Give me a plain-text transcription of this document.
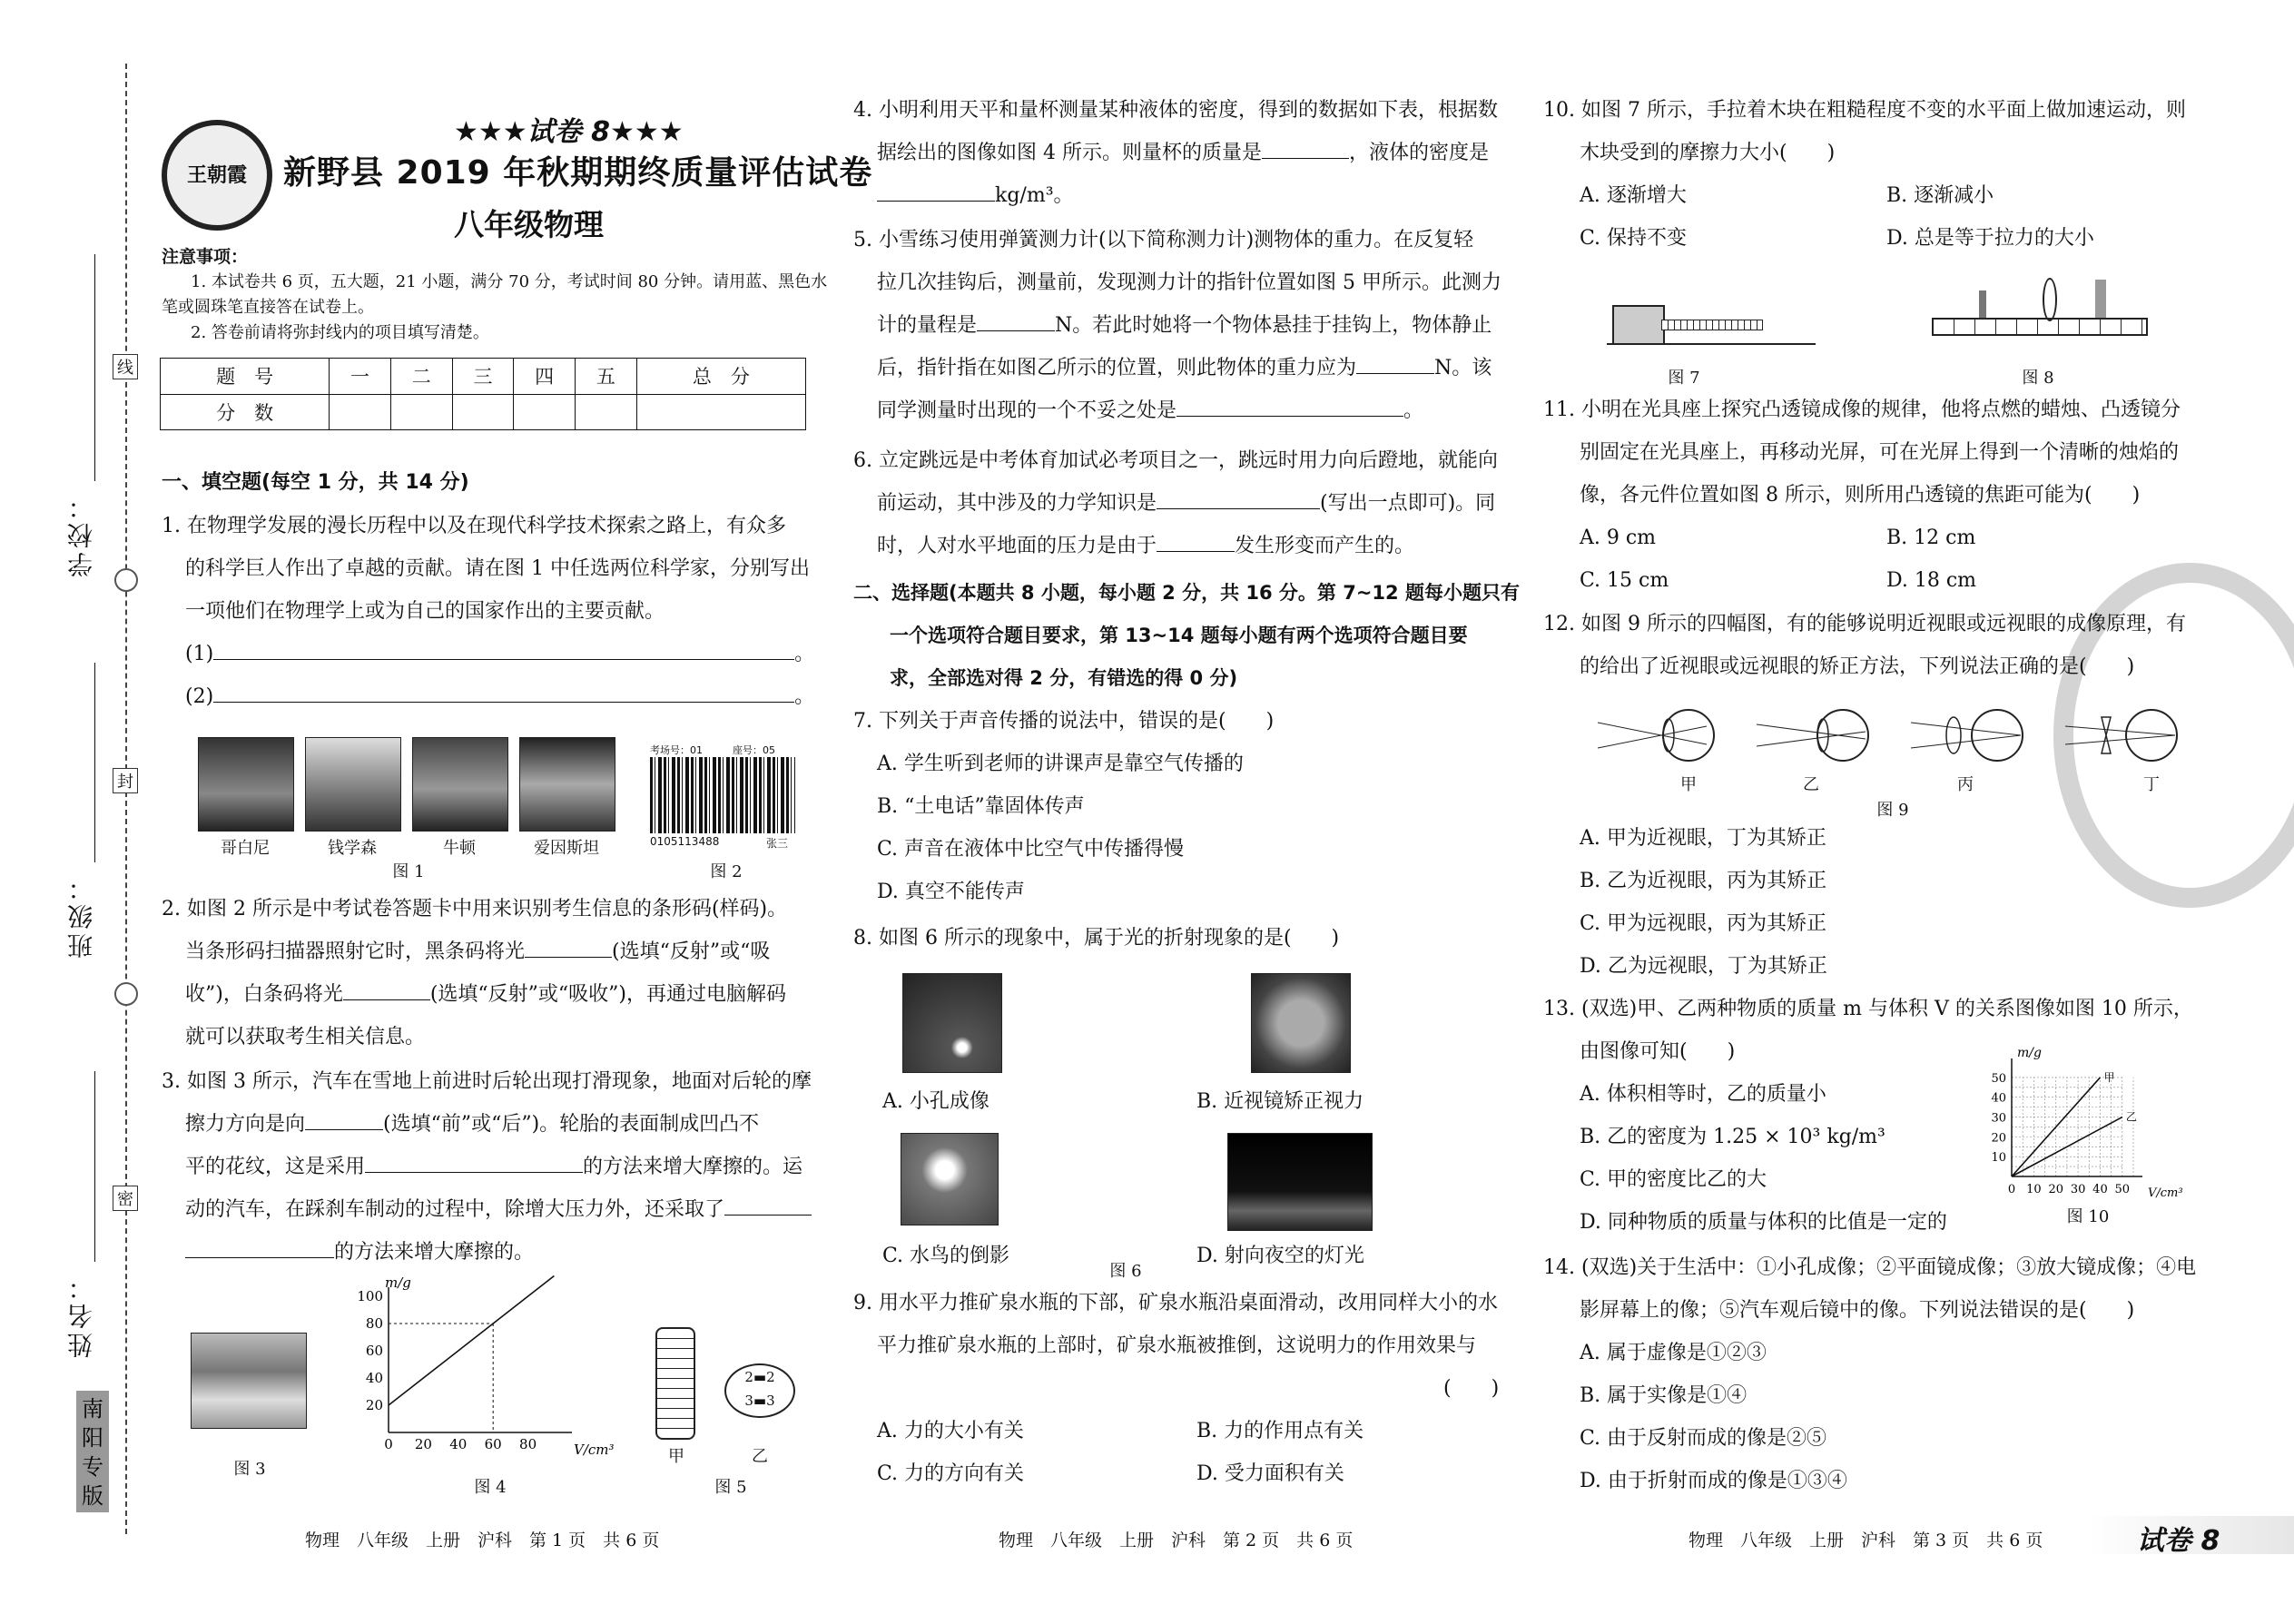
学校：
班级：
姓名：
线
封
密
南阳专版
王朝霞
★★★试卷 8★★★
新野县 2019 年秋期期终质量评估试卷
八年级物理
注意事项：
1. 本试卷共 6 页，五大题，21 小题，满分 70 分，考试时间 80 分钟。请用蓝、黑色水
笔或圆珠笔直接答在试卷上。
2. 答卷前请将弥封线内的项目填写清楚。
题　号	一	二	三	四	五	总　分
分　数						
一、填空题(每空 1 分，共 14 分)
1. 在物理学发展的漫长历程中以及在现代科学技术探索之路上，有众多
的科学巨人作出了卓越的贡献。请在图 1 中任选两位科学家，分别写出
一项他们在物理学上或为自己的国家作出的主要贡献。
(1)	。
(2)	。
哥白尼	钱学森	牛顿	爱因斯坦
图 1
考场号：01　　　座号：05
0105113488	张三
图 2
2. 如图 2 所示是中考试卷答题卡中用来识别考生信息的条形码(样码)。
当条形码扫描器照射它时，黑条码将光	(选填“反射”或“吸
收”)，白条码将光	(选填“反射”或“吸收”)，再通过电脑解码
就可以获取考生相关信息。
3. 如图 3 所示，汽车在雪地上前进时后轮出现打滑现象，地面对后轮的摩
擦力方向是向	(选填“前”或“后”)。轮胎的表面制成凹凸不
平的花纹，这是采用	的方法来增大摩擦的。运
动的汽车，在踩刹车制动的过程中，除增大压力外，还采取了
的方法来增大摩擦的。
图 3
m/g
V/cm³
0 20 40 60 80
20
40
60
80
100
图 4
2▬2
3▬3
甲	乙
图 5
物理　八年级　上册　沪科　第 1 页　共 6 页
4. 小明利用天平和量杯测量某种液体的密度，得到的数据如下表，根据数
据绘出的图像如图 4 所示。则量杯的质量是	，液体的密度是
kg/m³。
5. 小雪练习使用弹簧测力计(以下简称测力计)测物体的重力。在反复轻
拉几次挂钩后，测量前，发现测力计的指针位置如图 5 甲所示。此测力
计的量程是	N。若此时她将一个物体悬挂于挂钩上，物体静止
后，指针指在如图乙所示的位置，则此物体的重力应为	N。该
同学测量时出现的一个不妥之处是	。
6. 立定跳远是中考体育加试必考项目之一，跳远时用力向后蹬地，就能向
前运动，其中涉及的力学知识是	(写出一点即可)。同
时，人对水平地面的压力是由于	发生形变而产生的。
二、选择题(本题共 8 小题，每小题 2 分，共 16 分。第 7~12 题每小题只有
一个选项符合题目要求，第 13~14 题每小题有两个选项符合题目要
求，全部选对得 2 分，有错选的得 0 分)
7. 下列关于声音传播的说法中，错误的是(　　)
A. 学生听到老师的讲课声是靠空气传播的
B. “土电话”靠固体传声
C. 声音在液体中比空气中传播得慢
D. 真空不能传声
8. 如图 6 所示的现象中，属于光的折射现象的是(　　)
A. 小孔成像	B. 近视镜矫正视力
C. 水鸟的倒影
图 6
D. 射向夜空的灯光
9. 用水平力推矿泉水瓶的下部，矿泉水瓶沿桌面滑动，改用同样大小的水
平力推矿泉水瓶的上部时，矿泉水瓶被推倒，这说明力的作用效果与
(　　)
A. 力的大小有关	B. 力的作用点有关
C. 力的方向有关	D. 受力面积有关
物理　八年级　上册　沪科　第 2 页　共 6 页
10. 如图 7 所示，手拉着木块在粗糙程度不变的水平面上做加速运动，则
木块受到的摩擦力大小(　　)
A. 逐渐增大	B. 逐渐减小
C. 保持不变	D. 总是等于拉力的大小
图 7	图 8
11. 小明在光具座上探究凸透镜成像的规律，他将点燃的蜡烛、凸透镜分
别固定在光具座上，再移动光屏，可在光屏上得到一个清晰的烛焰的
像，各元件位置如图 8 所示，则所用凸透镜的焦距可能为(　　)
A. 9 cm	B. 12 cm
C. 15 cm	D. 18 cm
12. 如图 9 所示的四幅图，有的能够说明近视眼或远视眼的成像原理，有
的给出了近视眼或远视眼的矫正方法，下列说法正确的是(　　)
甲	乙	丙	丁
图 9
A. 甲为近视眼，丁为其矫正
B. 乙为近视眼，丙为其矫正
C. 甲为远视眼，丙为其矫正
D. 乙为远视眼，丁为其矫正
13. (双选)甲、乙两种物质的质量 m 与体积 V 的关系图像如图 10 所示，
由图像可知(　　)
A. 体积相等时，乙的质量小
B. 乙的密度为 1.25 × 10³ kg/m³
C. 甲的密度比乙的大
D. 同种物质的质量与体积的比值是一定的
m/g
V/cm³
0 10 20 30 40 50
10
20
30
40
50	甲
乙
图 10
14. (双选)关于生活中：①小孔成像；②平面镜成像；③放大镜成像；④电
影屏幕上的像；⑤汽车观后镜中的像。下列说法错误的是(　　)
A. 属于虚像是①②③
B. 属于实像是①④
C. 由于反射而成的像是②⑤
D. 由于折射而成的像是①③④
物理　八年级　上册　沪科　第 3 页　共 6 页	试卷 8
